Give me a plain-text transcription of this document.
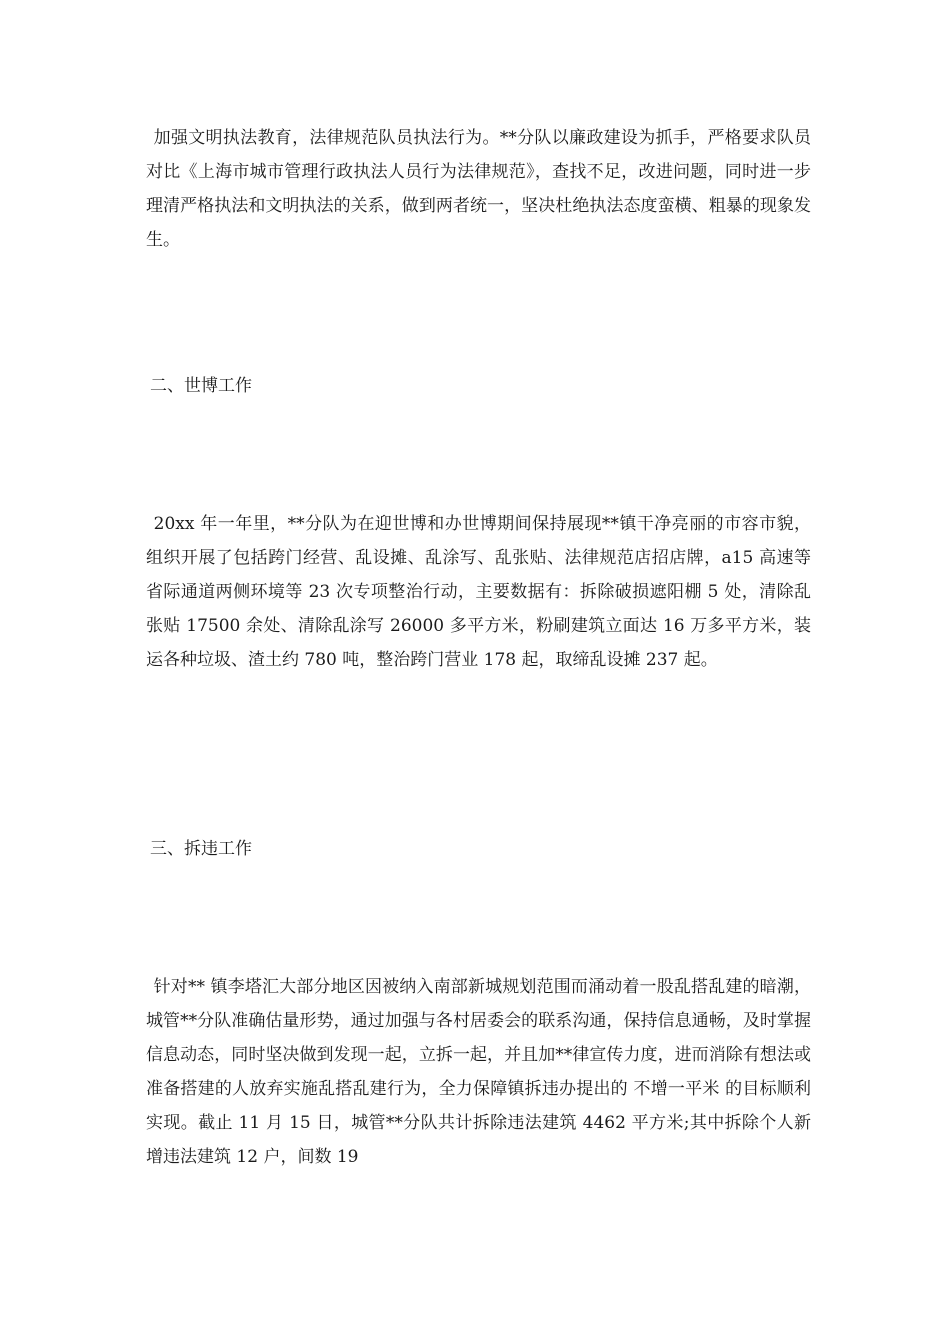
加强文明执法教育，法律规范队员执法行为。**分队以廉政建设为抓手，严格要求队员对比《上海市城市管理行政执法人员行为法律规范》，查找不足，改进问题，同时进一步理清严格执法和文明执法的关系，做到两者统一，坚决杜绝执法态度蛮横、粗暴的现象发生。
二、世博工作
20xx 年一年里，**分队为在迎世博和办世博期间保持展现**镇干净亮丽的市容市貌，组织开展了包括跨门经营、乱设摊、乱涂写、乱张贴、法律规范店招店牌，a15 高速等省际通道两侧环境等 23 次专项整治行动，主要数据有：拆除破损遮阳棚 5 处，清除乱张贴 17500 余处、清除乱涂写 26000 多平方米，粉刷建筑立面达 16 万多平方米，装运各种垃圾、渣土约 780 吨，整治跨门营业 178 起，取缔乱设摊 237 起。
三、拆违工作
针对** 镇李塔汇大部分地区因被纳入南部新城规划范围而涌动着一股乱搭乱建的暗潮，城管**分队准确估量形势，通过加强与各村居委会的联系沟通，保持信息通畅，及时掌握信息动态，同时坚决做到发现一起，立拆一起，并且加**律宣传力度，进而消除有想法或准备搭建的人放弃实施乱搭乱建行为，全力保障镇拆违办提出的 不增一平米 的目标顺利实现。截止 11 月 15 日，城管**分队共计拆除违法建筑 4462 平方米;其中拆除个人新增违法建筑 12 户，间数 19
